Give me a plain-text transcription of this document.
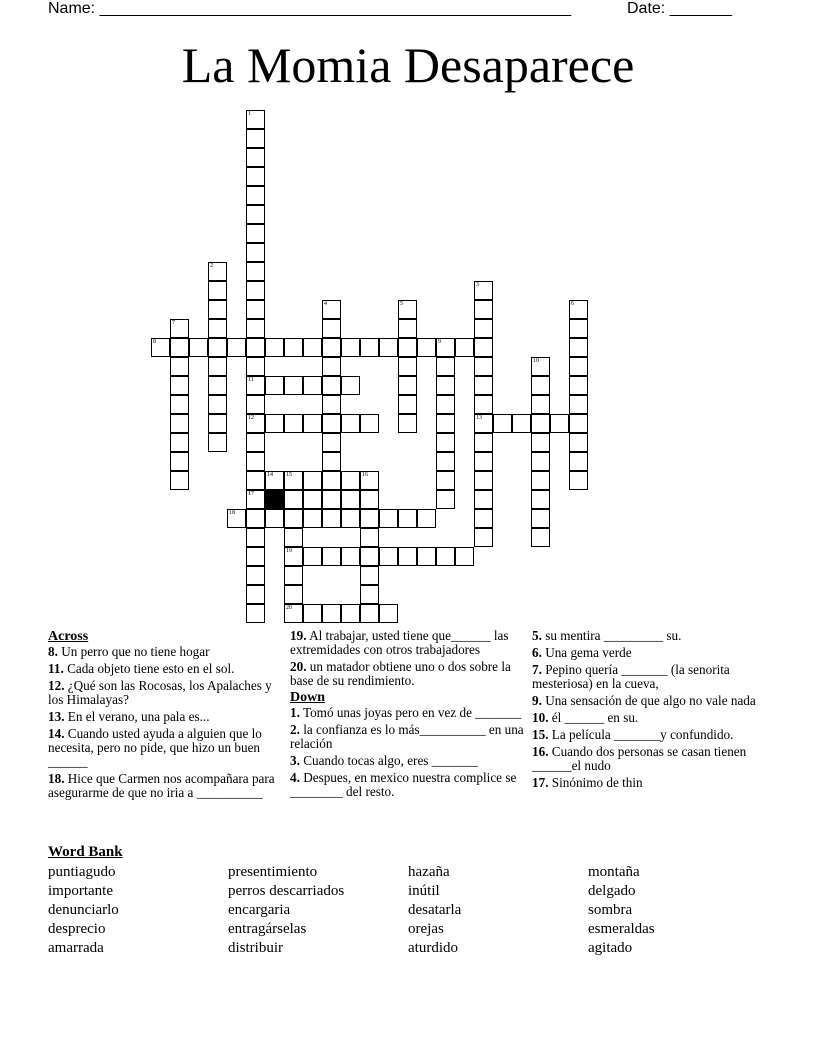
Name: _____________________________________________________	Date: _______
La Momia Desaparece
1
11
12
17
2
3
13
4	5	6
7
9
10
15
19
20
16
8
14
18
Across
8. Un perro que no tiene hogar
11. Cada objeto tiene esto en el sol.
12. ¿Qué son las Rocosas, los Apalaches y los Himalayas?
13. En el verano, una pala es...
14. Cuando usted ayuda a alguien que lo necesita, pero no pide, que hizo un buen ______
18. Hice que Carmen nos acompañara para asegurarme de que no iria a __________
19. Al trabajar, usted tiene que______ las extremidades con otros trabajadores
20. un matador obtiene uno o dos sobre la base de su rendimiento.
Down
1. Tomó unas joyas pero en vez de _______
2. la confianza es lo más__________ en una relación
3. Cuando tocas algo, eres _______
4. Despues, en mexico nuestra complice se ________ del resto.
5. su mentira _________ su.
6. Una gema verde
7. Pepino quería _______ (la senorita mesteriosa) en la cueva,
9. Una sensación de que algo no vale nada
10. él ______ en su.
15. La película _______y confundido.
16. Cuando dos personas se casan tienen ______el nudo
17. Sinónimo de thin
Word Bank
puntiagudo
importante
denunciarlo
desprecio
amarrada
presentimiento
perros descarriados
encargaria
entragárselas
distribuir
hazaña
inútil
desatarla
orejas
aturdido
montaña
delgado
sombra
esmeraldas
agitado
